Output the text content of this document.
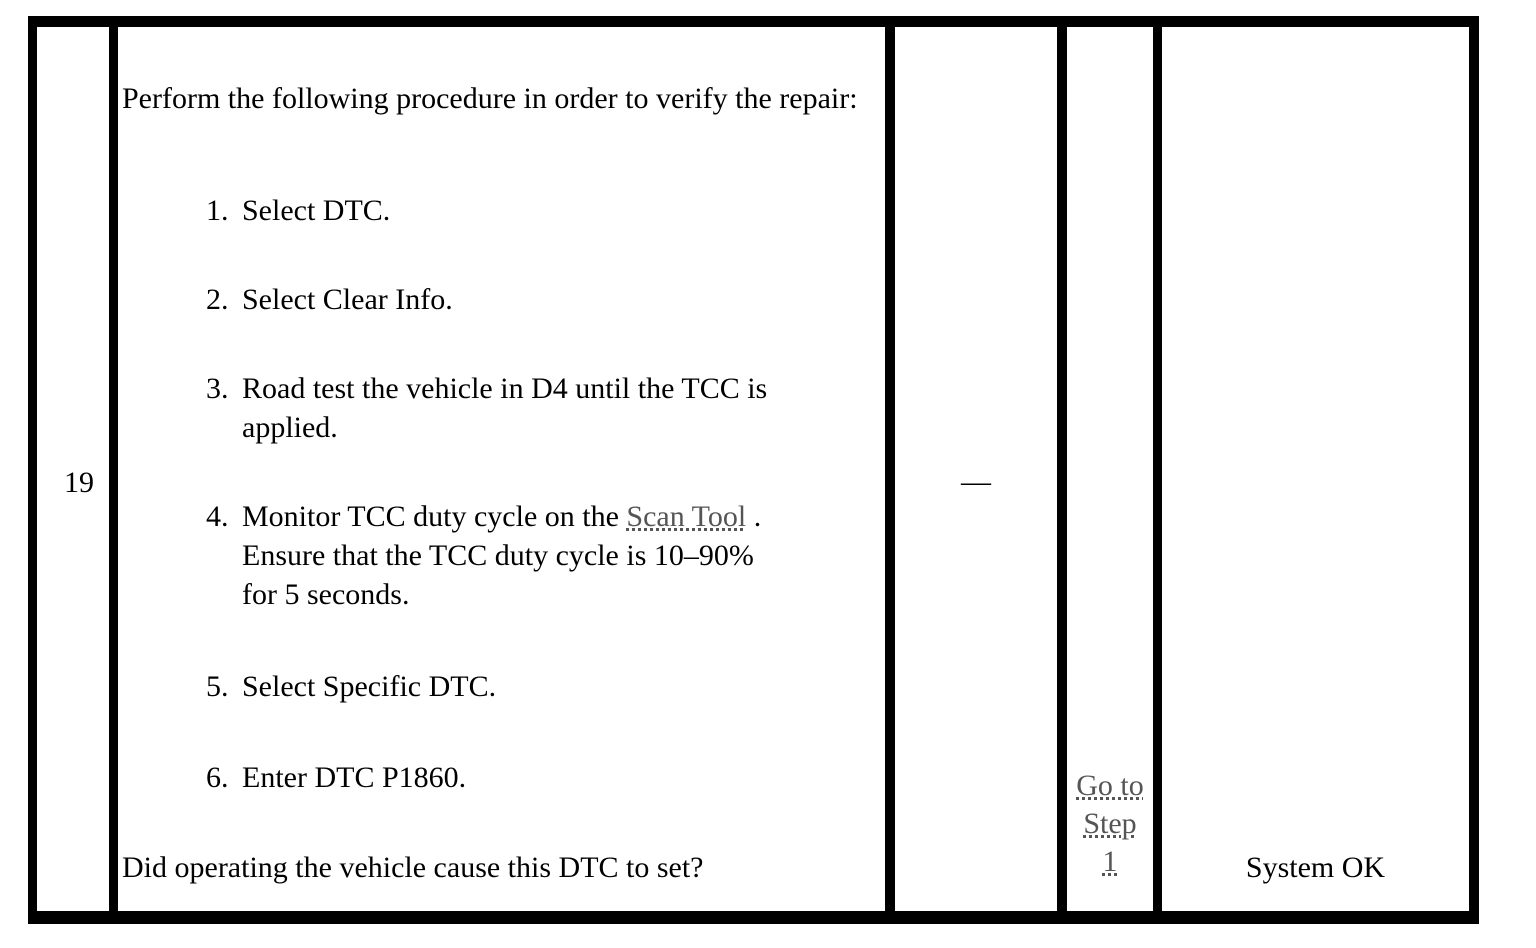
19
Perform the following procedure in order to verify the repair:
1. Select DTC.
2. Select Clear Info.
3. Road test the vehicle in D4 until the TCC is
applied.
4. Monitor TCC duty cycle on the Scan Tool .
Ensure that the TCC duty cycle is 10–90%
for 5 seconds.
5. Select Specific DTC.
6. Enter DTC P1860.
Did operating the vehicle cause this DTC to set?
—
Go to
Step
1	System OK
